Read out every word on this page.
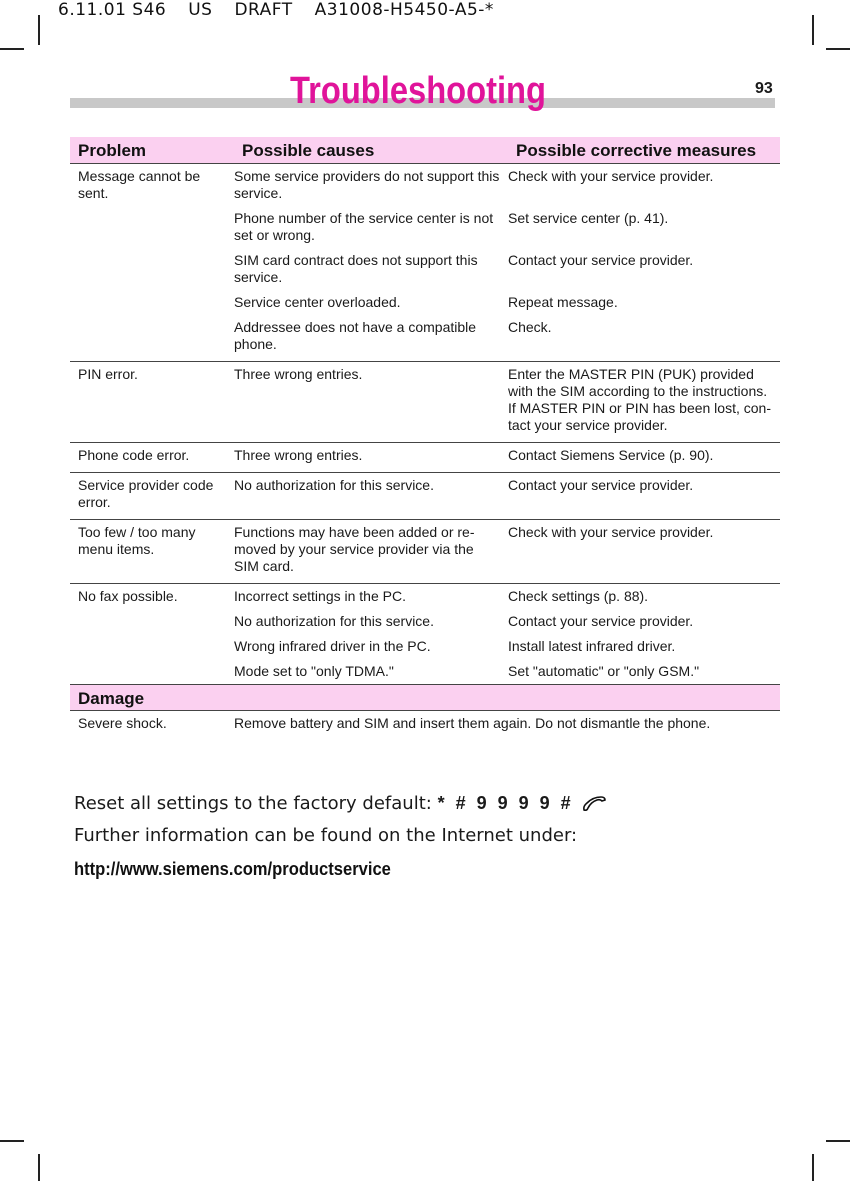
6.11.01 S46 US DRAFT A31008-H5450-A5-*
Troubleshooting	93
Problem	Possible causes	Possible corrective measures
Message cannot be sent.	Some service providers do not support this service.	Check with your service provider.
	Phone number of the service center is not set or wrong.	Set service center (p. 41).
	SIM card contract does not support this service.	Contact your service provider.
	Service center overloaded.	Repeat message.
	Addressee does not have a compatible phone.	Check.
PIN error.	Three wrong entries.	Enter the MASTER PIN (PUK) provided with the SIM according to the instructions. If MASTER PIN or PIN has been lost, con-tact your service provider.
Phone code error.	Three wrong entries.	Contact Siemens Service (p. 90).
Service provider code error.	No authorization for this service.	Contact your service provider.
Too few / too many menu items.	Functions may have been added or re-moved by your service provider via the SIM card.	Check with your service provider.
No fax possible.	Incorrect settings in the PC.	Check settings (p. 88).
	No authorization for this service.	Contact your service provider.
	Wrong infrared driver in the PC.	Install latest infrared driver.
	Mode set to "only TDMA."	Set "automatic" or "only GSM."
Damage		
Severe shock.	Remove battery and SIM and insert them again. Do not dismantle the phone.	
Reset all settings to the factory default: * # 9 9 9 9 #
Further information can be found on the Internet under:
http://www.siemens.com/productservice
